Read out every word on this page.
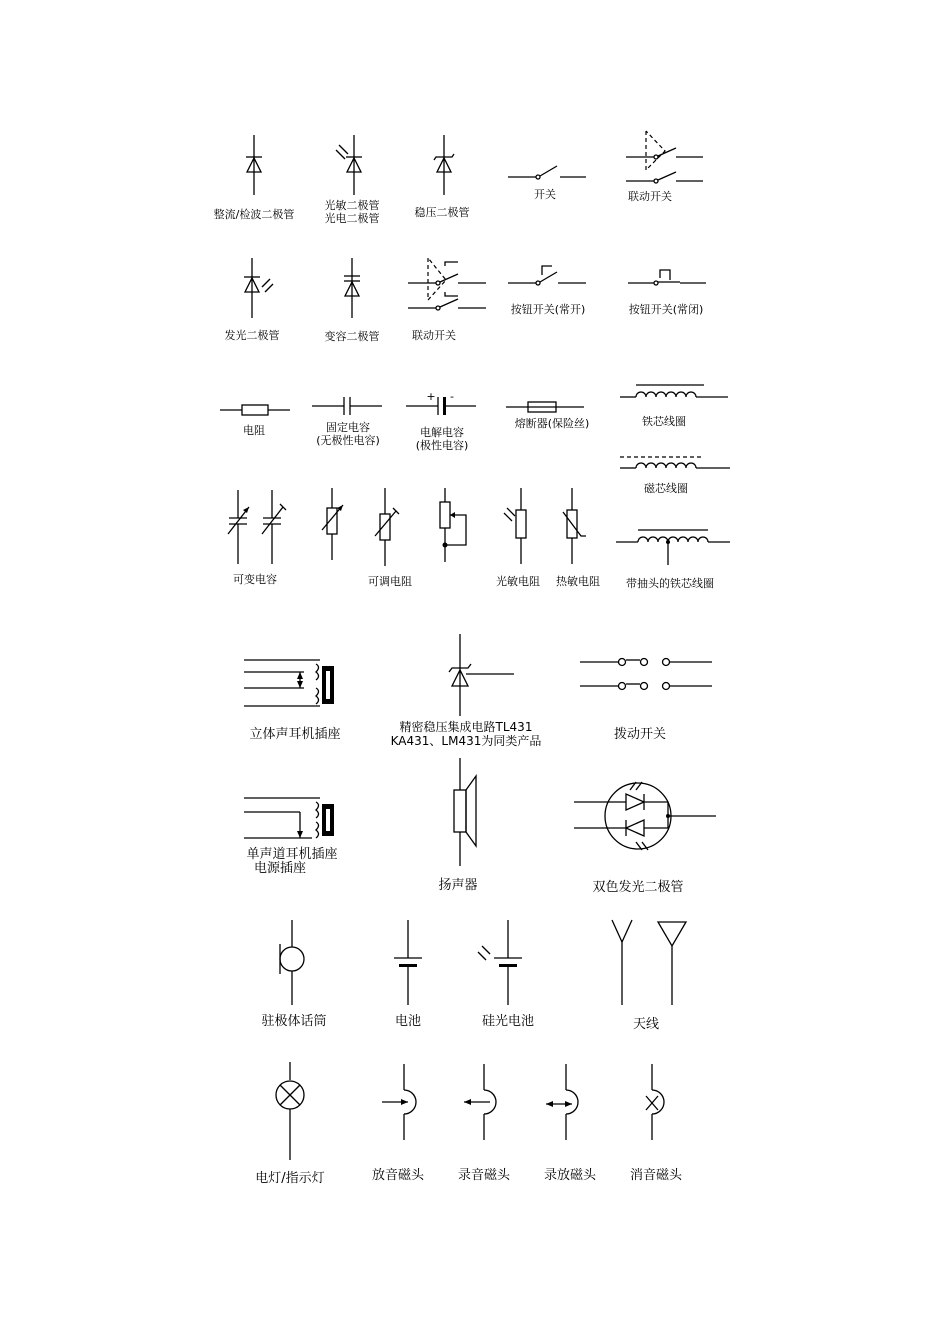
整流/检波二极管
光敏二极管
光电二极管	稳压二极管
开关	联动开关
发光二极管	变容二极管	联动开关
按钮开关(常开)	按钮开关(常闭)
电阻	固定电容
(无极性电容)
+ -
电解电容
(极性电容)
熔断器(保险丝)	铁芯线圈
磁芯线圈
可变电容	可调电阻	光敏电阻 热敏电阻 带抽头的铁芯线圈
立体声耳机插座	精密稳压集成电路TL431
KA431、LM431为同类产品	拨动开关
单声道耳机插座
电源插座
扬声器	双色发光二极管
驻极体话筒	电池	硅光电池	天线
电灯/指示灯	放音磁头	录音磁头	录放磁头	消音磁头
